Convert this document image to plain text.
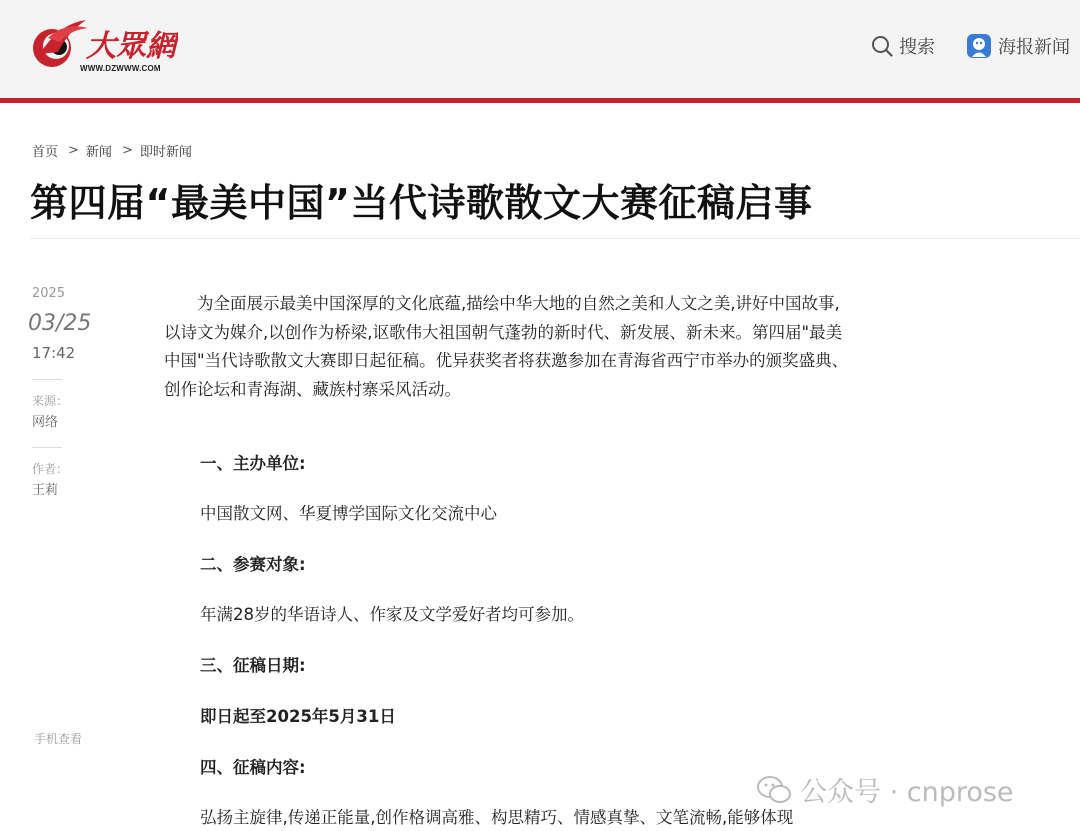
大眾網
WWW.DZWWW.COM
搜索	海报新闻
首页 > 新闻 > 即时新闻
第四届“最美中国”当代诗歌散文大赛征稿启事
2025
03/25
17:42
来源：
网络
作者：
王莉
手机查看

为全面展示最美中国深厚的文化底蕴,描绘中华大地的自然之美和人文之美,讲好中国故事,以诗文为媒介,以创作为桥梁,讴歌伟大祖国朝气蓬勃的新时代、新发展、新未来。第四届"最美中国"当代诗歌散文大赛即日起征稿。优异获奖者将获邀参加在青海省西宁市举办的颁奖盛典、创作论坛和青海湖、藏族村寨采风活动。

一、主办单位:
中国散文网、华夏博学国际文化交流中心
二、参赛对象:
年满28岁的华语诗人、作家及文学爱好者均可参加。
三、征稿日期:
即日起至2025年5月31日
四、征稿内容:
弘扬主旋律,传递正能量,创作格调高雅、构思精巧、情感真挚、文笔流畅,能够体现
公众号 · cnprose
